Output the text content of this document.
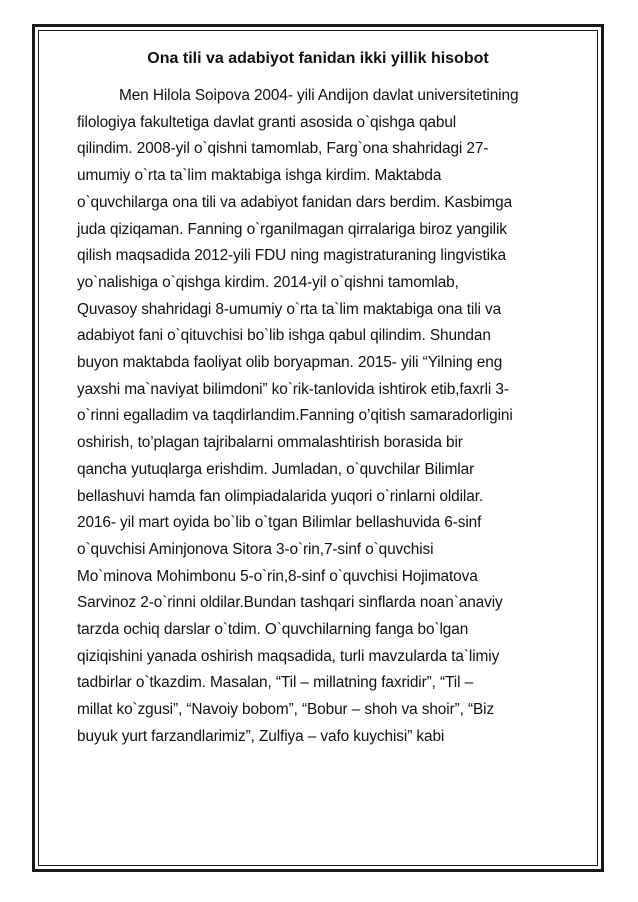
Ona tili va adabiyot fanidan ikki yillik hisobot
Men Hilola Soipova 2004- yili Andijon davlat universitetining
filologiya fakultetiga davlat granti asosida o`qishga qabul
qilindim. 2008-yil o`qishni tamomlab, Farg`ona shahridagi 27-
umumiy o`rta ta`lim maktabiga ishga kirdim. Maktabda
o`quvchilarga ona tili va adabiyot fanidan dars berdim. Kasbimga
juda qiziqaman. Fanning o`rganilmagan qirralariga biroz yangilik
qilish maqsadida 2012-yili FDU ning magistraturaning lingvistika
yo`nalishiga o`qishga kirdim. 2014-yil o`qishni tamomlab,
Quvasoy shahridagi 8-umumiy o`rta ta`lim maktabiga ona tili va
adabiyot fani o`qituvchisi bo`lib ishga qabul qilindim. Shundan
buyon maktabda faoliyat olib boryapman. 2015- yili “Yilning eng
yaxshi ma`naviyat bilimdoni” ko`rik-tanlovida ishtirok etib,faxrli 3-
o`rinni egalladim va taqdirlandim.Fanning o’qitish samaradorligini
oshirish, to’plagan tajribalarni ommalashtirish borasida bir
qancha yutuqlarga erishdim. Jumladan, o`quvchilar Bilimlar
bellashuvi hamda fan olimpiadalarida yuqori o`rinlarni oldilar.
2016- yil mart oyida bo`lib o`tgan Bilimlar bellashuvida 6-sinf
o`quvchisi Aminjonova Sitora 3-o`rin,7-sinf o`quvchisi
Mo`minova Mohimbonu 5-o`rin,8-sinf o`quvchisi Hojimatova
Sarvinoz 2-o`rinni oldilar.Bundan tashqari sinflarda noan`anaviy
tarzda ochiq darslar o`tdim. O`quvchilarning fanga bo`lgan
qiziqishini yanada oshirish maqsadida, turli mavzularda ta`limiy
tadbirlar o`tkazdim. Masalan, “Til – millatning faxridir”, “Til –
millat ko`zgusi”, “Navoiy bobom”, “Bobur – shoh va shoir”, “Biz
buyuk yurt farzandlarimiz”, Zulfiya – vafo kuychisi” kabi
